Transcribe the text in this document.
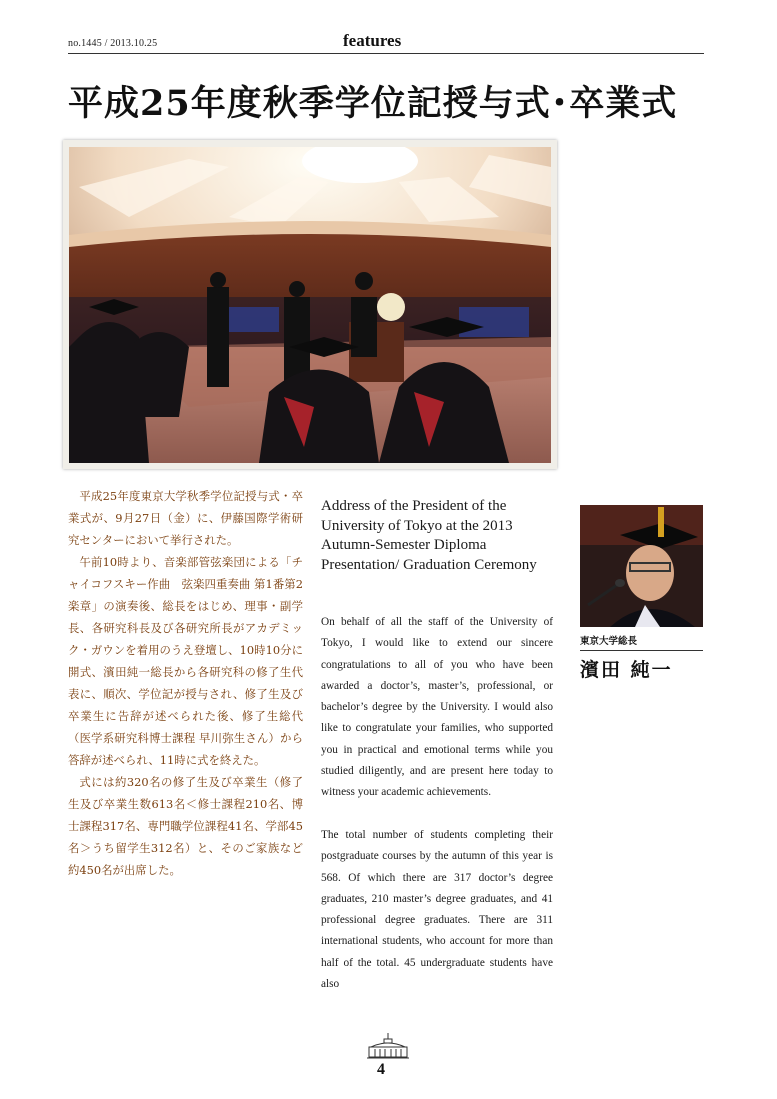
no.1445 / 2013.10.25	features
平成25年度秋季学位記授与式･卒業式

平成25年度東京大学秋季学位記授与式・卒業式が、9月27日（金）に、伊藤国際学術研究センターにおいて挙行された。

午前10時より、音楽部管弦楽団による「チャイコフスキー作曲　弦楽四重奏曲 第1番第2楽章」の演奏後、総長をはじめ、理事・副学長、各研究科長及び各研究所長がアカデミック・ガウンを着用のうえ登壇し、10時10分に開式、濱田純一総長から各研究科の修了生代表に、順次、学位記が授与され、修了生及び卒業生に告辞が述べられた後、修了生総代（医学系研究科博士課程 早川弥生さん）から答辞が述べられ、11時に式を終えた。

式には約320名の修了生及び卒業生（修了生及び卒業生数613名＜修士課程210名、博士課程317名、専門職学位課程41名、学部45名＞うち留学生312名）と、そのご家族など約450名が出席した。

Address of the President of the University of Tokyo at the 2013 Autumn-Semester Diploma Presentation/ Graduation Ceremony

On behalf of all the staff of the University of Tokyo, I would like to extend our sincere congratulations to all of you who have been awarded a doctor’s, master’s, professional, or bachelor’s degree by the University. I would also like to congratulate your families, who supported you in practical and emotional terms while you studied diligently, and are present here today to witness your academic achievements.

The total number of students completing their postgraduate courses by the autumn of this year is 568. Of which there are 317 doctor’s degree graduates, 210 master’s degree graduates, and 41 professional degree graduates. There are 311 international students, who account for more than half of the total. 45 undergraduate students have also

東京大学総長
濱田 純一
4
